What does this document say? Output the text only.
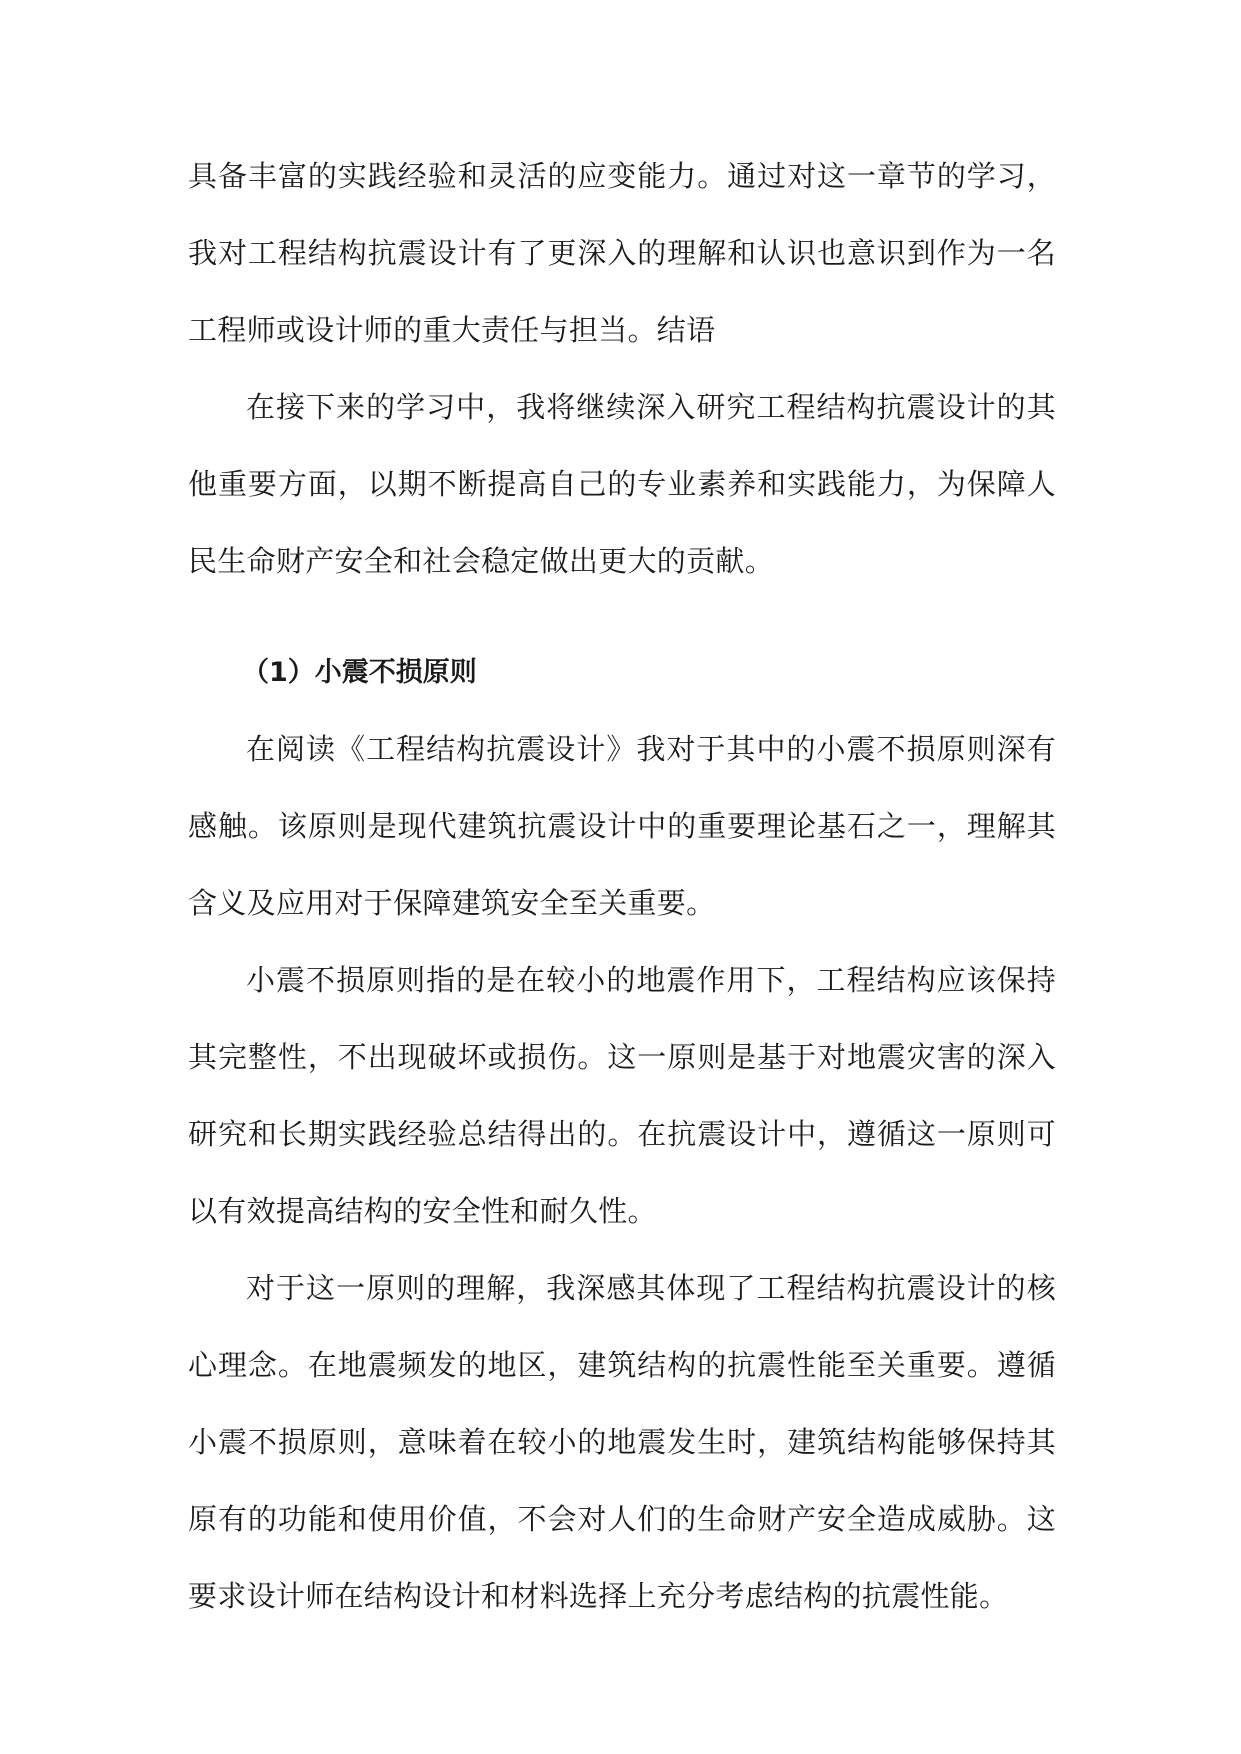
具备丰富的实践经验和灵活的应变能力。通过对这一章节的学习，我对工程结构抗震设计有了更深入的理解和认识也意识到作为一名工程师或设计师的重大责任与担当。结语

在接下来的学习中，我将继续深入研究工程结构抗震设计的其他重要方面，以期不断提高自己的专业素养和实践能力，为保障人民生命财产安全和社会稳定做出更大的贡献。

（1）小震不损原则

在阅读《工程结构抗震设计》我对于其中的小震不损原则深有感触。该原则是现代建筑抗震设计中的重要理论基石之一，理解其含义及应用对于保障建筑安全至关重要。

小震不损原则指的是在较小的地震作用下，工程结构应该保持其完整性，不出现破坏或损伤。这一原则是基于对地震灾害的深入研究和长期实践经验总结得出的。在抗震设计中，遵循这一原则可以有效提高结构的安全性和耐久性。

对于这一原则的理解，我深感其体现了工程结构抗震设计的核心理念。在地震频发的地区，建筑结构的抗震性能至关重要。遵循小震不损原则，意味着在较小的地震发生时，建筑结构能够保持其原有的功能和使用价值，不会对人们的生命财产安全造成威胁。这要求设计师在结构设计和材料选择上充分考虑结构的抗震性能。
